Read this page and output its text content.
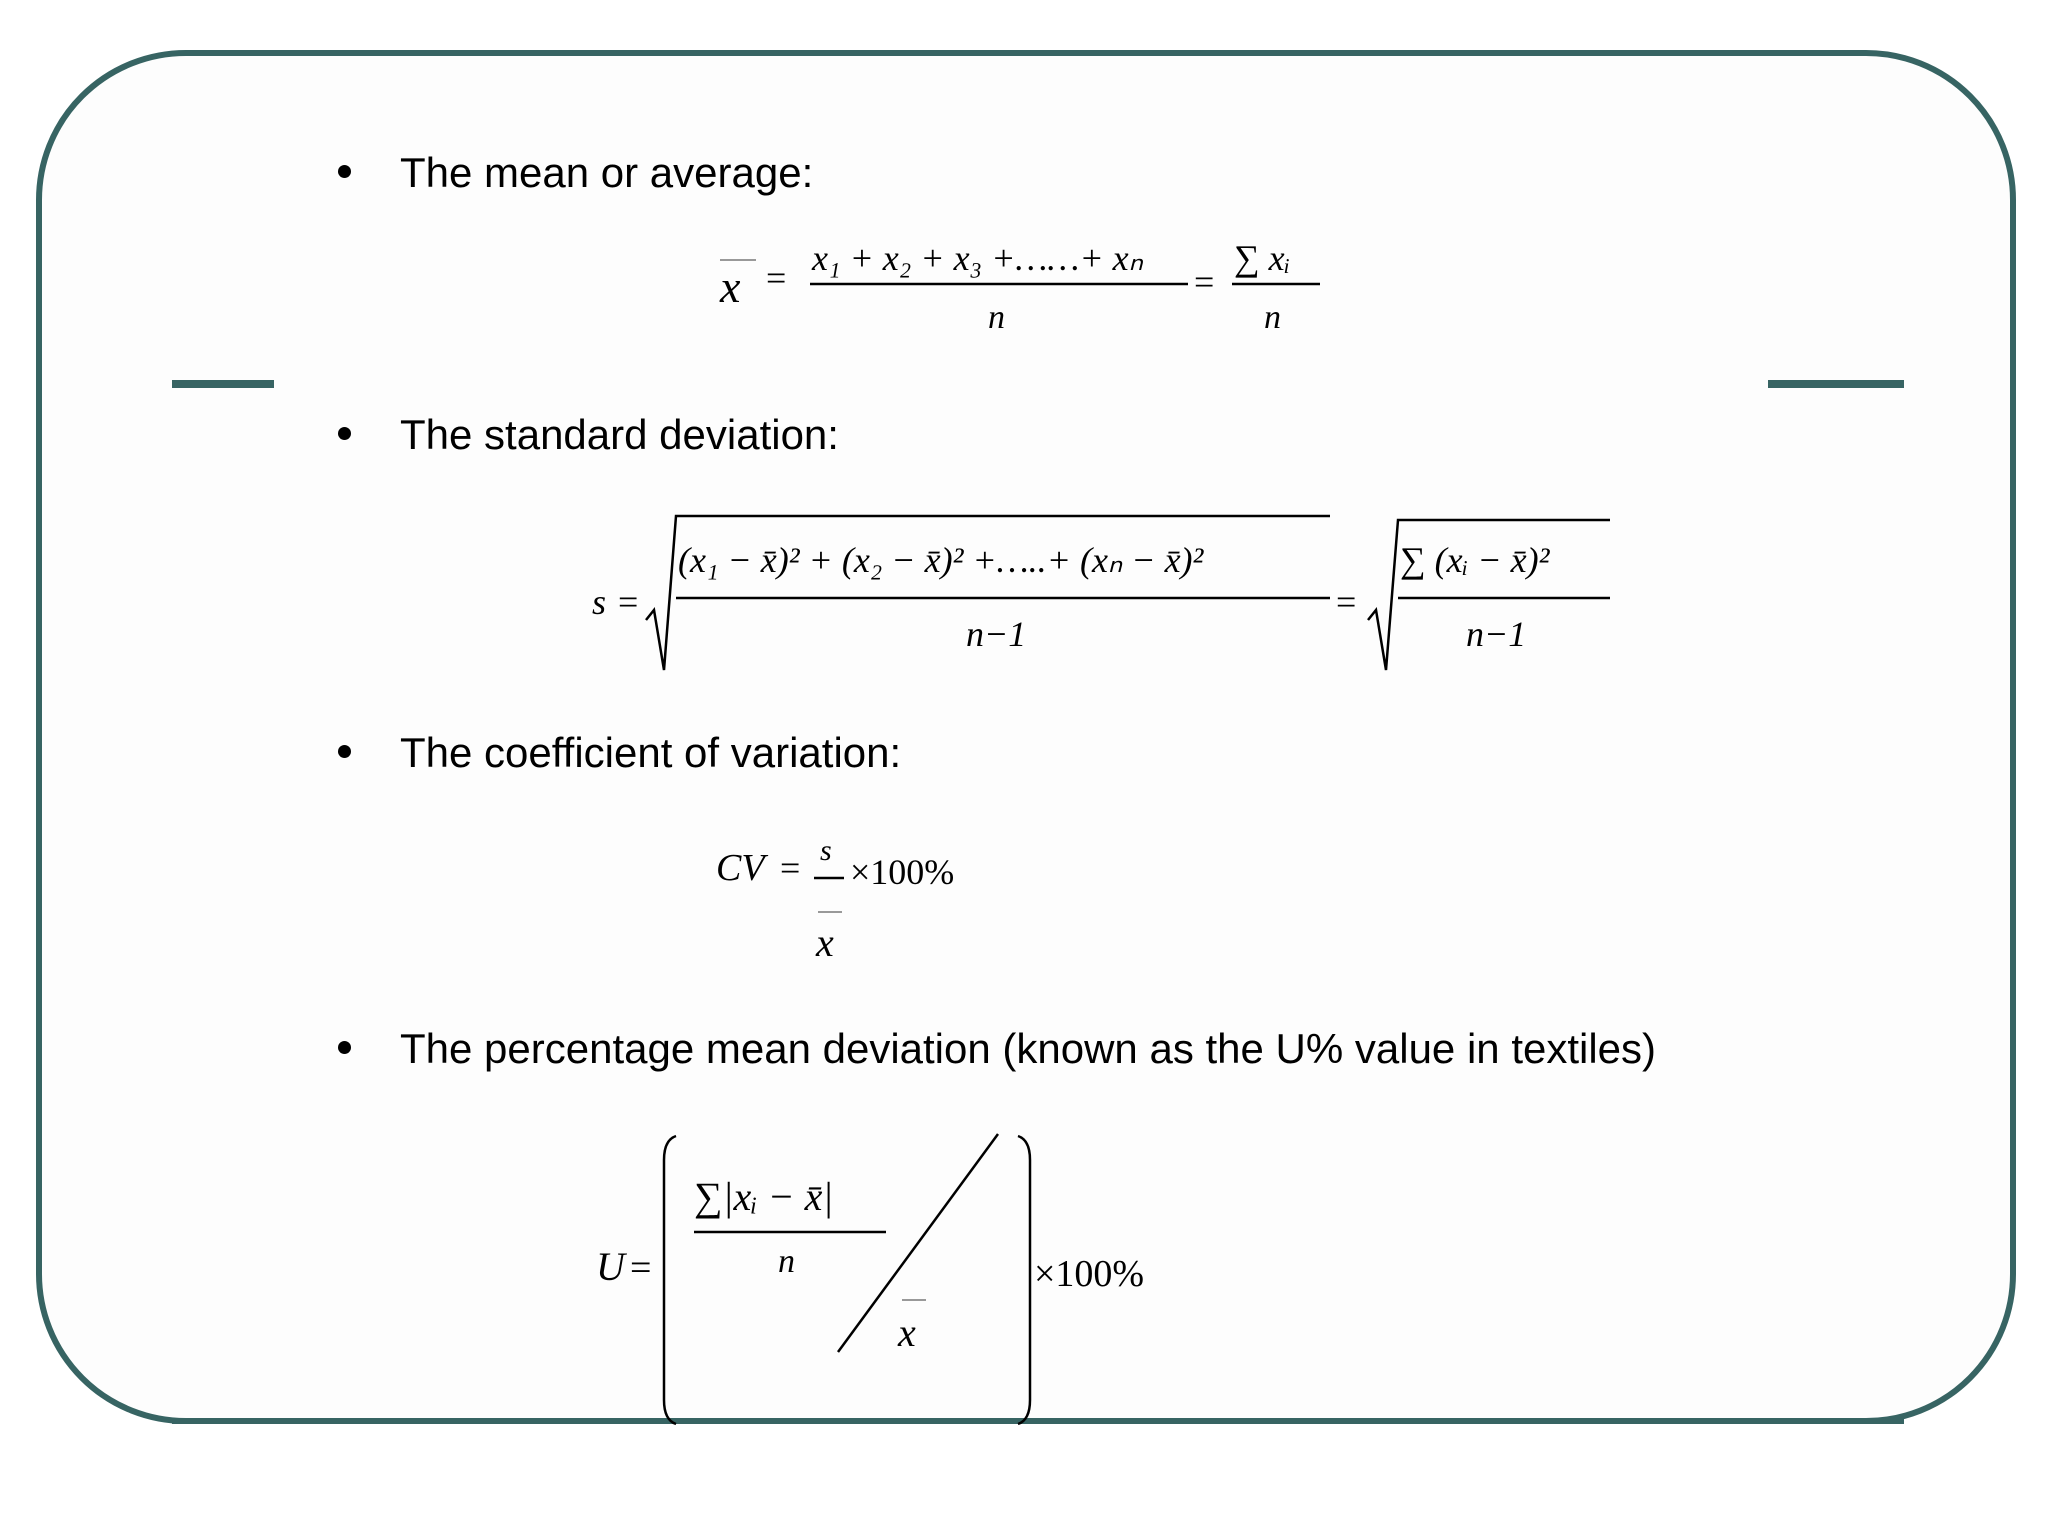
The mean or average:
x = x₁ + x₂ + x₃ +……+ xₙ
n
=
∑ xᵢ
n
The standard deviation:
s =
(x₁ − x̄)² + (x₂ − x̄)² +…..+ (xₙ − x̄)²
n−1
=
∑ (xᵢ − x̄)²
n−1
The coefficient of variation:
CV = s
x
×100%
The percentage mean deviation (known as the U% value in textiles)
U =
∑|xᵢ − x̄|
n
x
×100%
